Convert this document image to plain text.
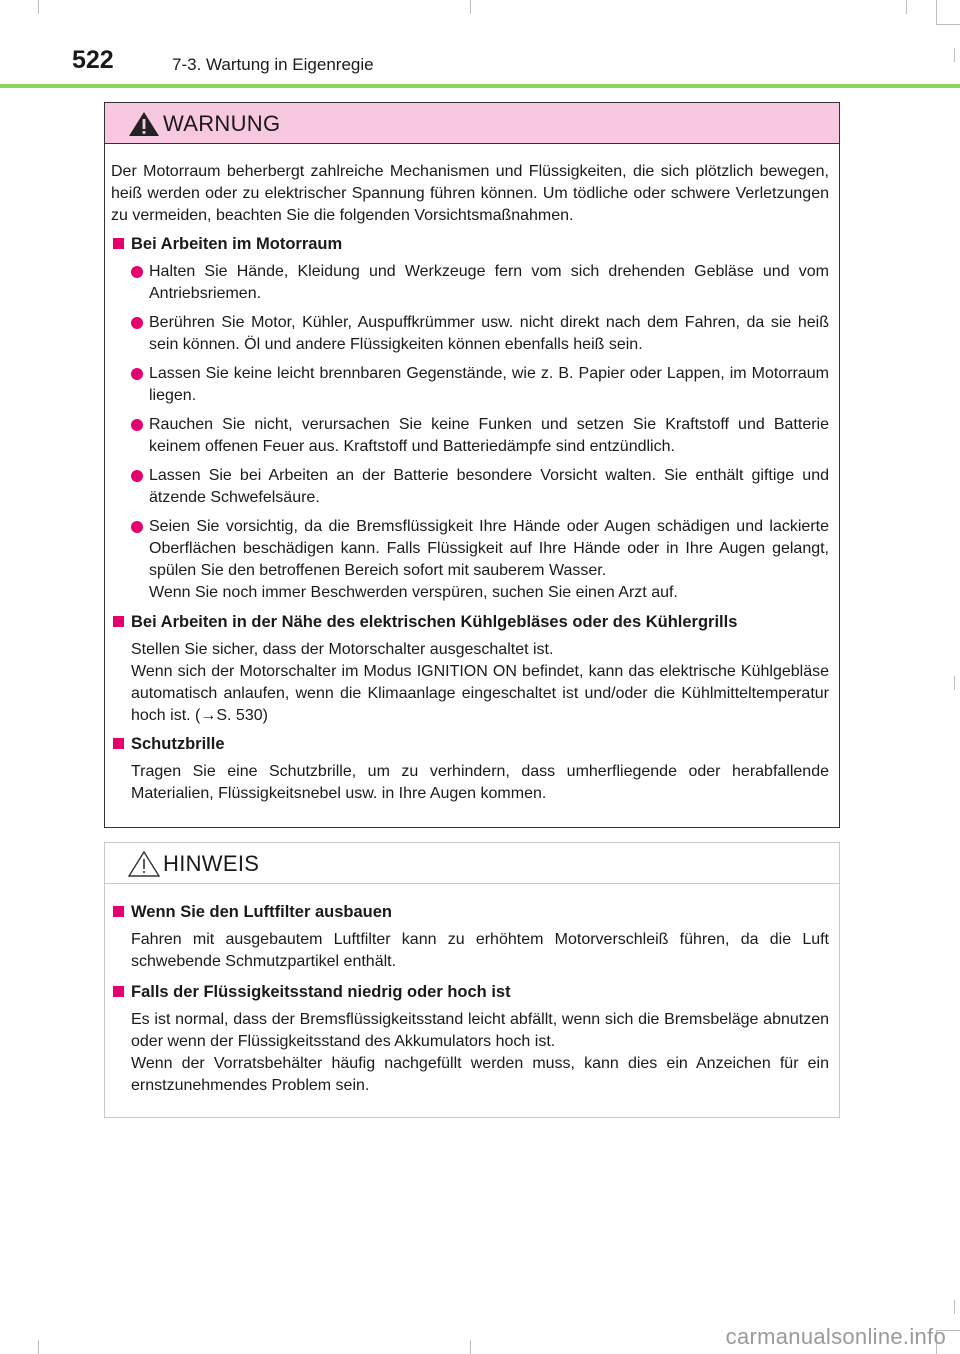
522	7-3. Wartung in Eigenregie
WARNUNG

Der Motorraum beherbergt zahlreiche Mechanismen und Flüssigkeiten, die sich plötzlich bewegen, heiß werden oder zu elektrischer Spannung führen können. Um tödliche oder schwere Verletzungen zu vermeiden, beachten Sie die folgenden Vorsichtsmaßnahmen.

Bei Arbeiten im Motorraum
Halten Sie Hände, Kleidung und Werkzeuge fern vom sich drehenden Gebläse und vom Antriebsriemen.
Berühren Sie Motor, Kühler, Auspuffkrümmer usw. nicht direkt nach dem Fahren, da sie heiß sein können. Öl und andere Flüssigkeiten können ebenfalls heiß sein.
Lassen Sie keine leicht brennbaren Gegenstände, wie z. B. Papier oder Lappen, im Motorraum liegen.
Rauchen Sie nicht, verursachen Sie keine Funken und setzen Sie Kraftstoff und Batterie keinem offenen Feuer aus. Kraftstoff und Batteriedämpfe sind entzündlich.
Lassen Sie bei Arbeiten an der Batterie besondere Vorsicht walten. Sie enthält giftige und ätzende Schwefelsäure.
Seien Sie vorsichtig, da die Bremsflüssigkeit Ihre Hände oder Augen schädigen und lackierte Oberflächen beschädigen kann. Falls Flüssigkeit auf Ihre Hände oder in Ihre Augen gelangt, spülen Sie den betroffenen Bereich sofort mit sauberem Wasser.
Wenn Sie noch immer Beschwerden verspüren, suchen Sie einen Arzt auf.
Bei Arbeiten in der Nähe des elektrischen Kühlgebläses oder des Kühlergrills
Stellen Sie sicher, dass der Motorschalter ausgeschaltet ist.
Wenn sich der Motorschalter im Modus IGNITION ON befindet, kann das elektrische Kühlgebläse automatisch anlaufen, wenn die Klimaanlage eingeschaltet ist und/oder die Kühlmitteltemperatur hoch ist. (→S. 530)
Schutzbrille
Tragen Sie eine Schutzbrille, um zu verhindern, dass umherfliegende oder herabfallende Materialien, Flüssigkeitsnebel usw. in Ihre Augen kommen.
HINWEIS
Wenn Sie den Luftfilter ausbauen
Fahren mit ausgebautem Luftfilter kann zu erhöhtem Motorverschleiß führen, da die Luft schwebende Schmutzpartikel enthält.
Falls der Flüssigkeitsstand niedrig oder hoch ist
Es ist normal, dass der Bremsflüssigkeitsstand leicht abfällt, wenn sich die Bremsbeläge abnutzen oder wenn der Flüssigkeitsstand des Akkumulators hoch ist.
Wenn der Vorratsbehälter häufig nachgefüllt werden muss, kann dies ein Anzeichen für ein ernstzunehmendes Problem sein.
carmanualsonline.info
